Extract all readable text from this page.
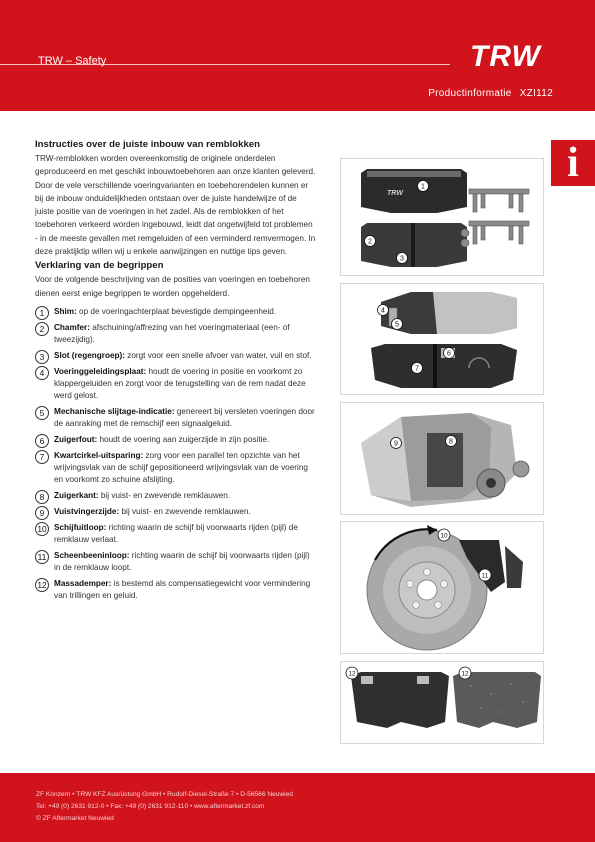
TRW – Safety	TRW
Productinformatie XZI112
i
Instructies over de juiste inbouw van remblokken

TRW-remblokken worden overeenkomstig de originele onderdelen geproduceerd en met geschikt inbouwtoebehoren aan onze klanten geleverd. Door de vele verschillende voeringvarianten en toebehorendelen kunnen er bij de inbouw onduidelijkheden ontstaan over de juiste handelwijze of de juiste positie van de voeringen in het zadel. Als de remblokken of het toebehoren verkeerd worden ingebouwd, leidt dat ongetwijfeld tot problemen - in de meeste gevallen met remgeluiden of een verminderd remvermogen. In deze praktijktip willen wij u enkele aanwijzingen en nuttige tips geven.

Verklaring van de begrippen

Voor de volgende beschrijving van de posities van voeringen en toebehoren dienen eerst enige begrippen te worden opgehelderd.

1	Shim: op de voeringachterplaat bevestigde dempingeenheid.
2	Chamfer: afschuining/affrezing van het voeringmateriaal (een- of tweezijdig).
3	Slot (regengroep): zorgt voor een snelle afvoer van water, vuil en stof.
4	Voeringgeleidingsplaat: houdt de voering in positie en voorkomt zo klappergeluiden en zorgt voor de terugstelling van de rem nadat deze werd gelost.
5	Mechanische slijtage-indicatie: genereert bij versleten voeringen door de aanraking met de remschijf een signaalgeluid.
6	Zuigerfout: houdt de voering aan zuigerzijde in zijn positie.
7	Kwartcirkel-uitsparing: zorg voor een parallel ten opzichte van het wrijvingsvlak van de schijf gepositioneerd wrijvingsvlak van de voering en voorkomt zo schuine afslijting.
8	Zuigerkant: bij vuist- en zwevende remklauwen.
9	Vuistvingerzijde: bij vuist- en zwevende remklauwen.
10 Schijfuitloop: richting waarin de schijf bij voorwaarts rijden (pijl) de remklauw verlaat.
11 Scheenbeeninloop: richting waarin de schijf bij voorwaarts rijden (pijl) in de remklauw loopt.
12 Massademper: is bestemd als compensatiegewicht voor vermindering van trillingen en geluid.
TRW
1
2
3
4
5
6
7
8
9
10
11
12	12
ZF Konzern • TRW KFZ Ausrüstung GmbH • Rudolf-Diesel-Straße 7 • D-56566 Neuwied
Tel: +49 (0) 2631 912-0 • Fax: +49 (0) 2631 912-110 • www.aftermarket.zf.com
© ZF Aftermarket Neuwied
